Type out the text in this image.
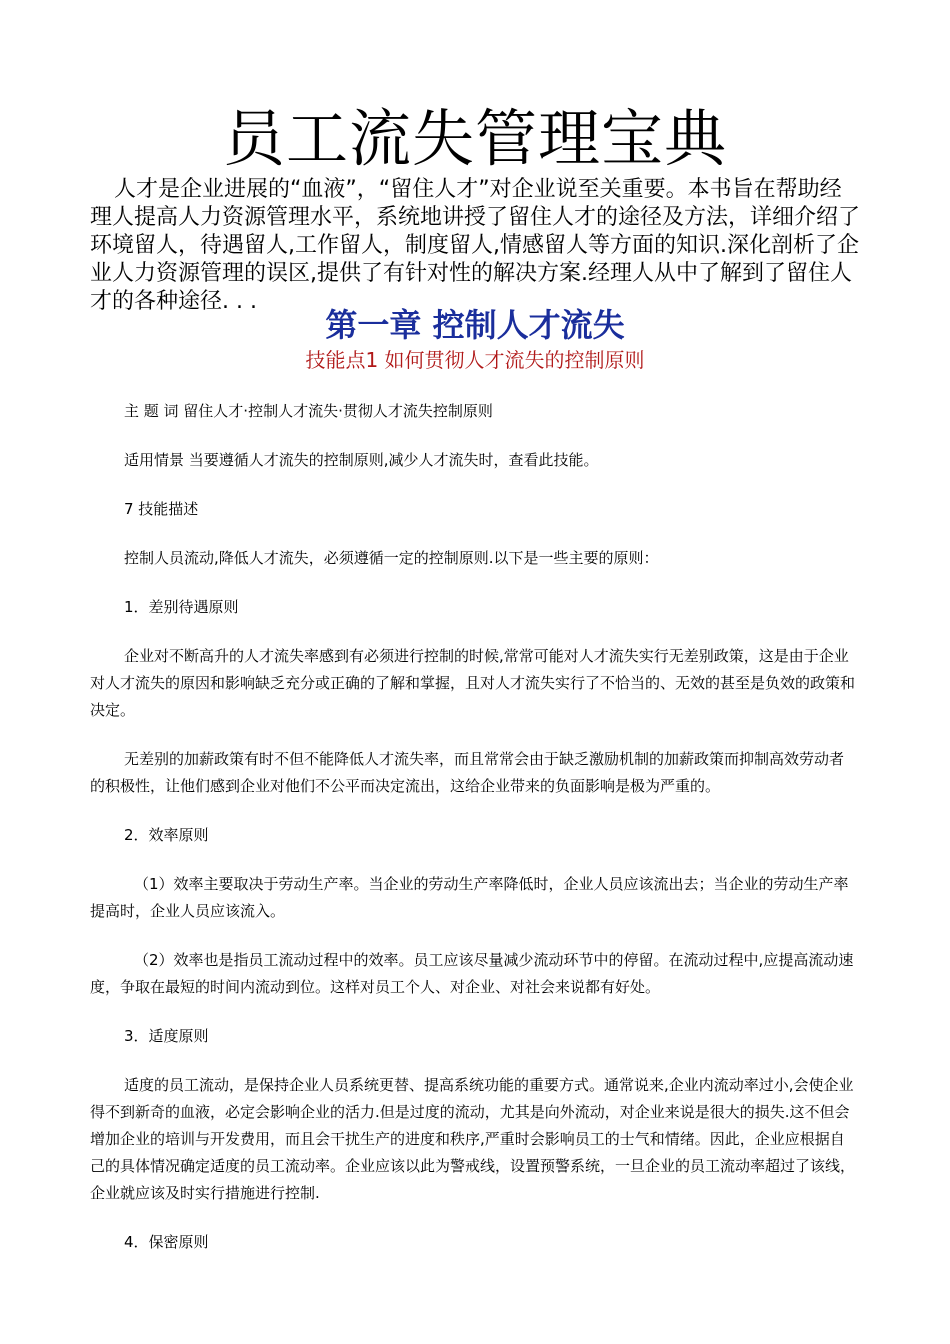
员工流失管理宝典

人才是企业进展的“血液”，“留住人才”对企业说至关重要。本书旨在帮助经理人提高人力资源管理水平，系统地讲授了留住人才的途径及方法，详细介绍了环境留人，待遇留人,工作留人，制度留人,情感留人等方面的知识.深化剖析了企业人力资源管理的误区,提供了有针对性的解决方案.经理人从中了解到了留住人才的各种途径. . .

第一章 控制人才流失
技能点1 如何贯彻人才流失的控制原则

主 题 词 留住人才·控制人才流失·贯彻人才流失控制原则

适用情景 当要遵循人才流失的控制原则,减少人才流失时，查看此技能。

7 技能描述

控制人员流动,降低人才流失，必须遵循一定的控制原则.以下是一些主要的原则：

1．差别待遇原则

企业对不断高升的人才流失率感到有必须进行控制的时候,常常可能对人才流失实行无差别政策，这是由于企业对人才流失的原因和影响缺乏充分或正确的了解和掌握，且对人才流失实行了不恰当的、无效的甚至是负效的政策和决定。

无差别的加薪政策有时不但不能降低人才流失率，而且常常会由于缺乏激励机制的加薪政策而抑制高效劳动者的积极性，让他们感到企业对他们不公平而决定流出，这给企业带来的负面影响是极为严重的。

2．效率原则

（1）效率主要取决于劳动生产率。当企业的劳动生产率降低时，企业人员应该流出去；当企业的劳动生产率提高时，企业人员应该流入。

（2）效率也是指员工流动过程中的效率。员工应该尽量减少流动环节中的停留。在流动过程中,应提高流动速度，争取在最短的时间内流动到位。这样对员工个人、对企业、对社会来说都有好处。

3．适度原则

适度的员工流动，是保持企业人员系统更替、提高系统功能的重要方式。通常说来,企业内流动率过小,会使企业得不到新奇的血液，必定会影响企业的活力.但是过度的流动，尤其是向外流动，对企业来说是很大的损失.这不但会增加企业的培训与开发费用，而且会干扰生产的进度和秩序,严重时会影响员工的士气和情绪。因此，企业应根据自己的具体情况确定适度的员工流动率。企业应该以此为警戒线，设置预警系统，一旦企业的员工流动率超过了该线，企业就应该及时实行措施进行控制.

4．保密原则
